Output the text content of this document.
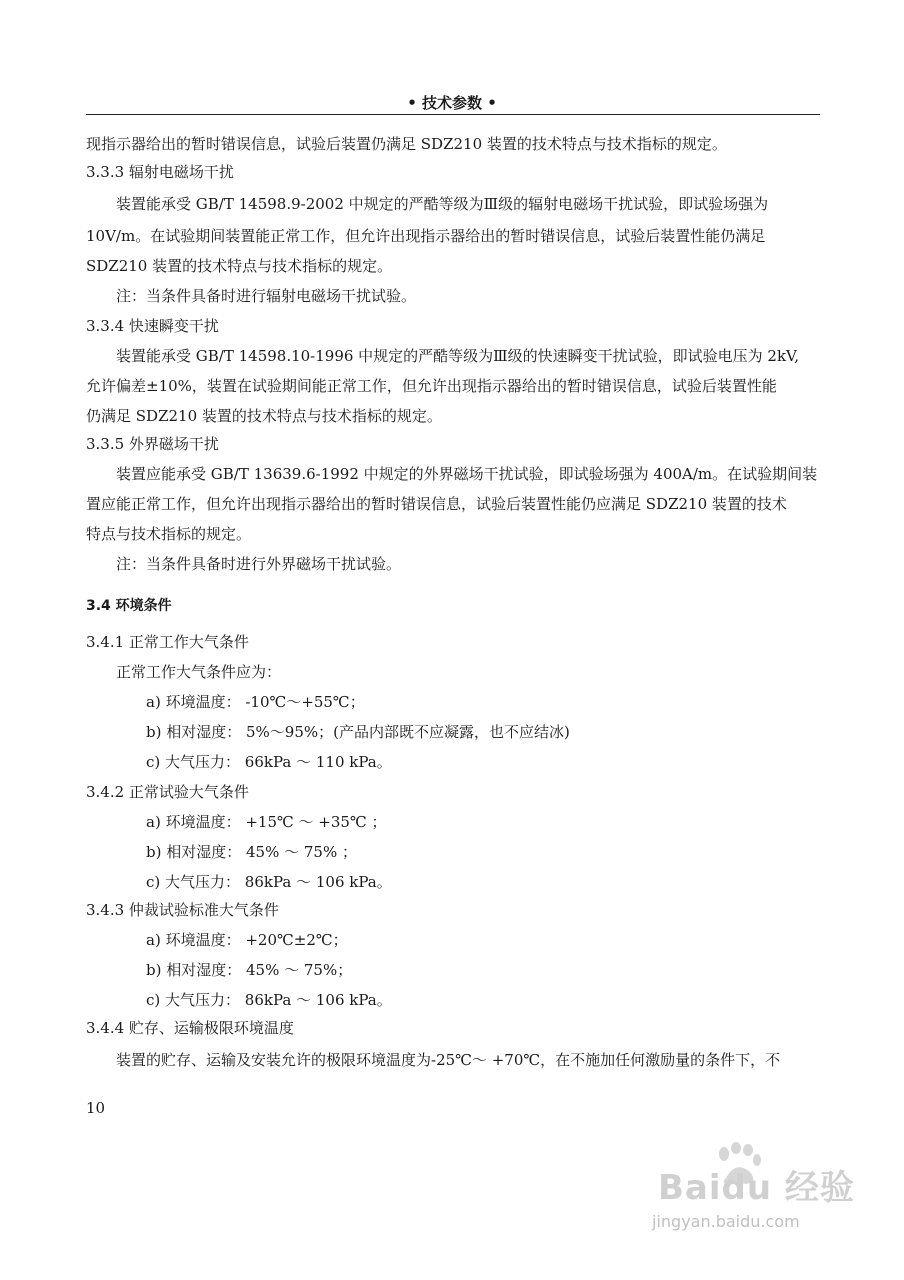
• 技术参数 •
现指示器给出的暂时错误信息，试验后装置仍满足 SDZ210 装置的技术特点与技术指标的规定。
3.3.3 辐射电磁场干扰
装置能承受 GB/T 14598.9-2002 中规定的严酷等级为Ⅲ级的辐射电磁场干扰试验，即试验场强为
10V/m。在试验期间装置能正常工作，但允许出现指示器给出的暂时错误信息，试验后装置性能仍满足
SDZ210 装置的技术特点与技术指标的规定。
注：当条件具备时进行辐射电磁场干扰试验。
3.3.4 快速瞬变干扰
装置能承受 GB/T 14598.10-1996 中规定的严酷等级为Ⅲ级的快速瞬变干扰试验，即试验电压为 2kV,
允许偏差±10%，装置在试验期间能正常工作，但允许出现指示器给出的暂时错误信息，试验后装置性能
仍满足 SDZ210 装置的技术特点与技术指标的规定。
3.3.5 外界磁场干扰
装置应能承受 GB/T 13639.6-1992 中规定的外界磁场干扰试验，即试验场强为 400A/m。在试验期间装
置应能正常工作，但允许出现指示器给出的暂时错误信息，试验后装置性能仍应满足 SDZ210 装置的技术
特点与技术指标的规定。
注：当条件具备时进行外界磁场干扰试验。
3.4 环境条件
3.4.1 正常工作大气条件
正常工作大气条件应为：
a) 环境温度： -10℃～+55℃；
b) 相对湿度： 5%～95%；(产品内部既不应凝露，也不应结冰)
c) 大气压力： 66kPa ～ 110 kPa。
3.4.2 正常试验大气条件
a) 环境温度： +15℃ ～ +35℃ ；
b) 相对湿度： 45% ～ 75% ；
c) 大气压力： 86kPa ～ 106 kPa。
3.4.3 仲裁试验标准大气条件
a) 环境温度： +20℃±2℃；
b) 相对湿度： 45% ～ 75%；
c) 大气压力： 86kPa ～ 106 kPa。
3.4.4 贮存、运输极限环境温度
装置的贮存、运输及安装允许的极限环境温度为-25℃～ +70℃，在不施加任何激励量的条件下，不
10
Baidu 经验
jingyan.baidu.com
